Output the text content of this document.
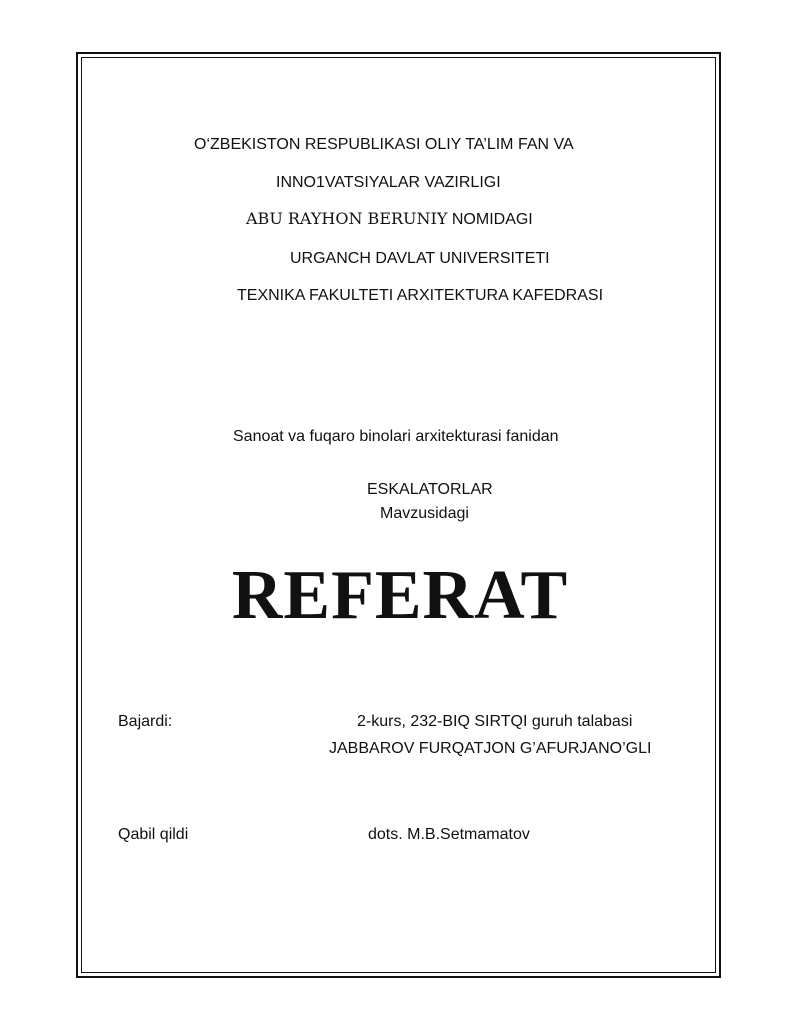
O‘ZBEKISTON RESPUBLIKASI OLIY TA’LIM FAN VA
INNO1VATSIYALAR VAZIRLIGI
ABU RAYHON BERUNIY NOMIDAGI
URGANCH DAVLAT UNIVERSITETI
TEXNIKA FAKULTETI ARXITEKTURA KAFEDRASI
Sanoat va fuqaro binolari arxitekturasi fanidan
ESKALATORLAR
Mavzusidagi
REFERAT
Bajardi:	2-kurs, 232-BIQ SIRTQI guruh talabasi
JABBAROV FURQATJON G’AFURJANO’GLI
Qabil qildi	dots. M.B.Setmamatov
